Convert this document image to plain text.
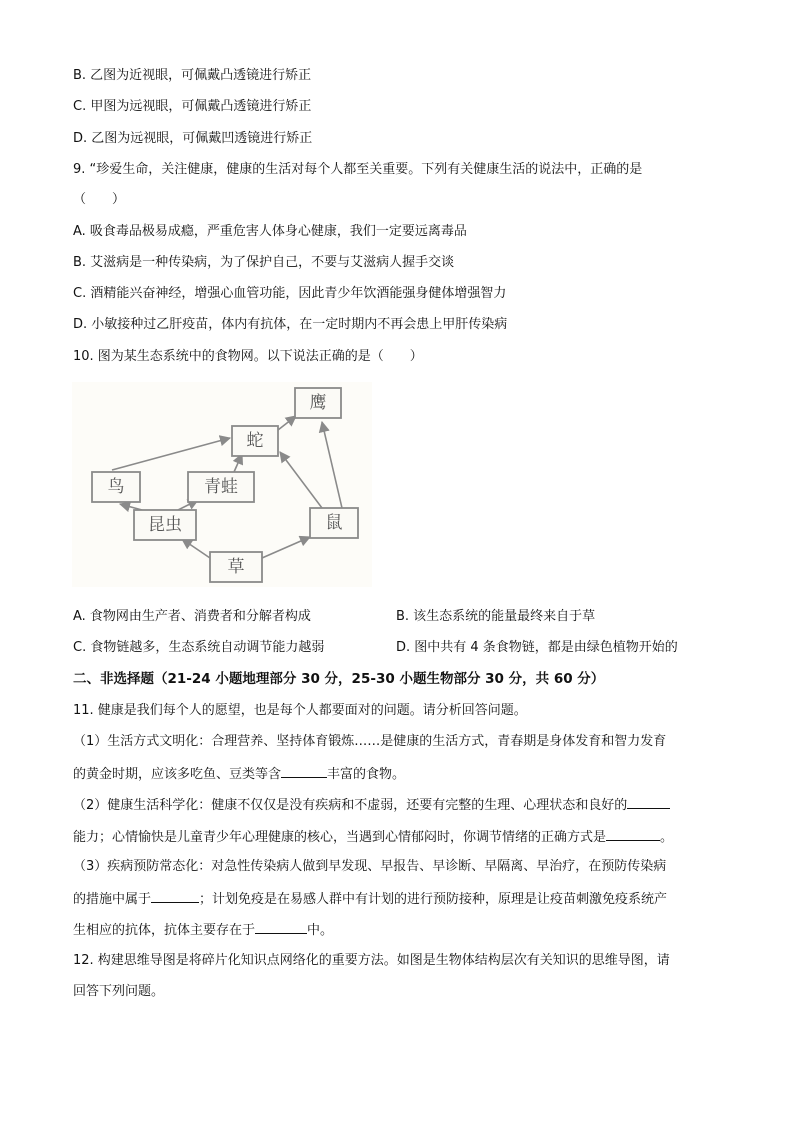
B. 乙图为近视眼，可佩戴凸透镜进行矫正
C. 甲图为远视眼，可佩戴凸透镜进行矫正
D. 乙图为远视眼，可佩戴凹透镜进行矫正
9. “珍爱生命，关注健康，健康的生活对每个人都至关重要。下列有关健康生活的说法中，正确的是
（　　）
A. 吸食毒品极易成瘾，严重危害人体身心健康，我们一定要远离毒品
B. 艾滋病是一种传染病，为了保护自己，不要与艾滋病人握手交谈
C. 酒精能兴奋神经，增强心血管功能，因此青少年饮酒能强身健体增强智力
D. 小敏接种过乙肝疫苗，体内有抗体，在一定时期内不再会患上甲肝传染病
10. 图为某生态系统中的食物网。以下说法正确的是（　　）
鹰
蛇
鸟	青蛙
昆虫	鼠
草
A. 食物网由生产者、消费者和分解者构成	B. 该生态系统的能量最终来自于草
C. 食物链越多，生态系统自动调节能力越弱	D. 图中共有 4 条食物链，都是由绿色植物开始的
二、非选择题（21-24 小题地理部分 30 分，25-30 小题生物部分 30 分，共 60 分）
11. 健康是我们每个人的愿望，也是每个人都要面对的问题。请分析回答问题。
（1）生活方式文明化：合理营养、坚持体育锻炼……是健康的生活方式，青春期是身体发育和智力发育
的黄金时期，应该多吃鱼、豆类等含	丰富的食物。
（2）健康生活科学化：健康不仅仅是没有疾病和不虚弱，还要有完整的生理、心理状态和良好的
能力；心情愉快是儿童青少年心理健康的核心，当遇到心情郁闷时，你调节情绪的正确方式是	。
（3）疾病预防常态化：对急性传染病人做到早发现、早报告、早诊断、早隔离、早治疗，在预防传染病
的措施中属于	；计划免疫是在易感人群中有计划的进行预防接种，原理是让疫苗刺激免疫系统产
生相应的抗体，抗体主要存在于	中。
12. 构建思维导图是将碎片化知识点网络化的重要方法。如图是生物体结构层次有关知识的思维导图，请
回答下列问题。
